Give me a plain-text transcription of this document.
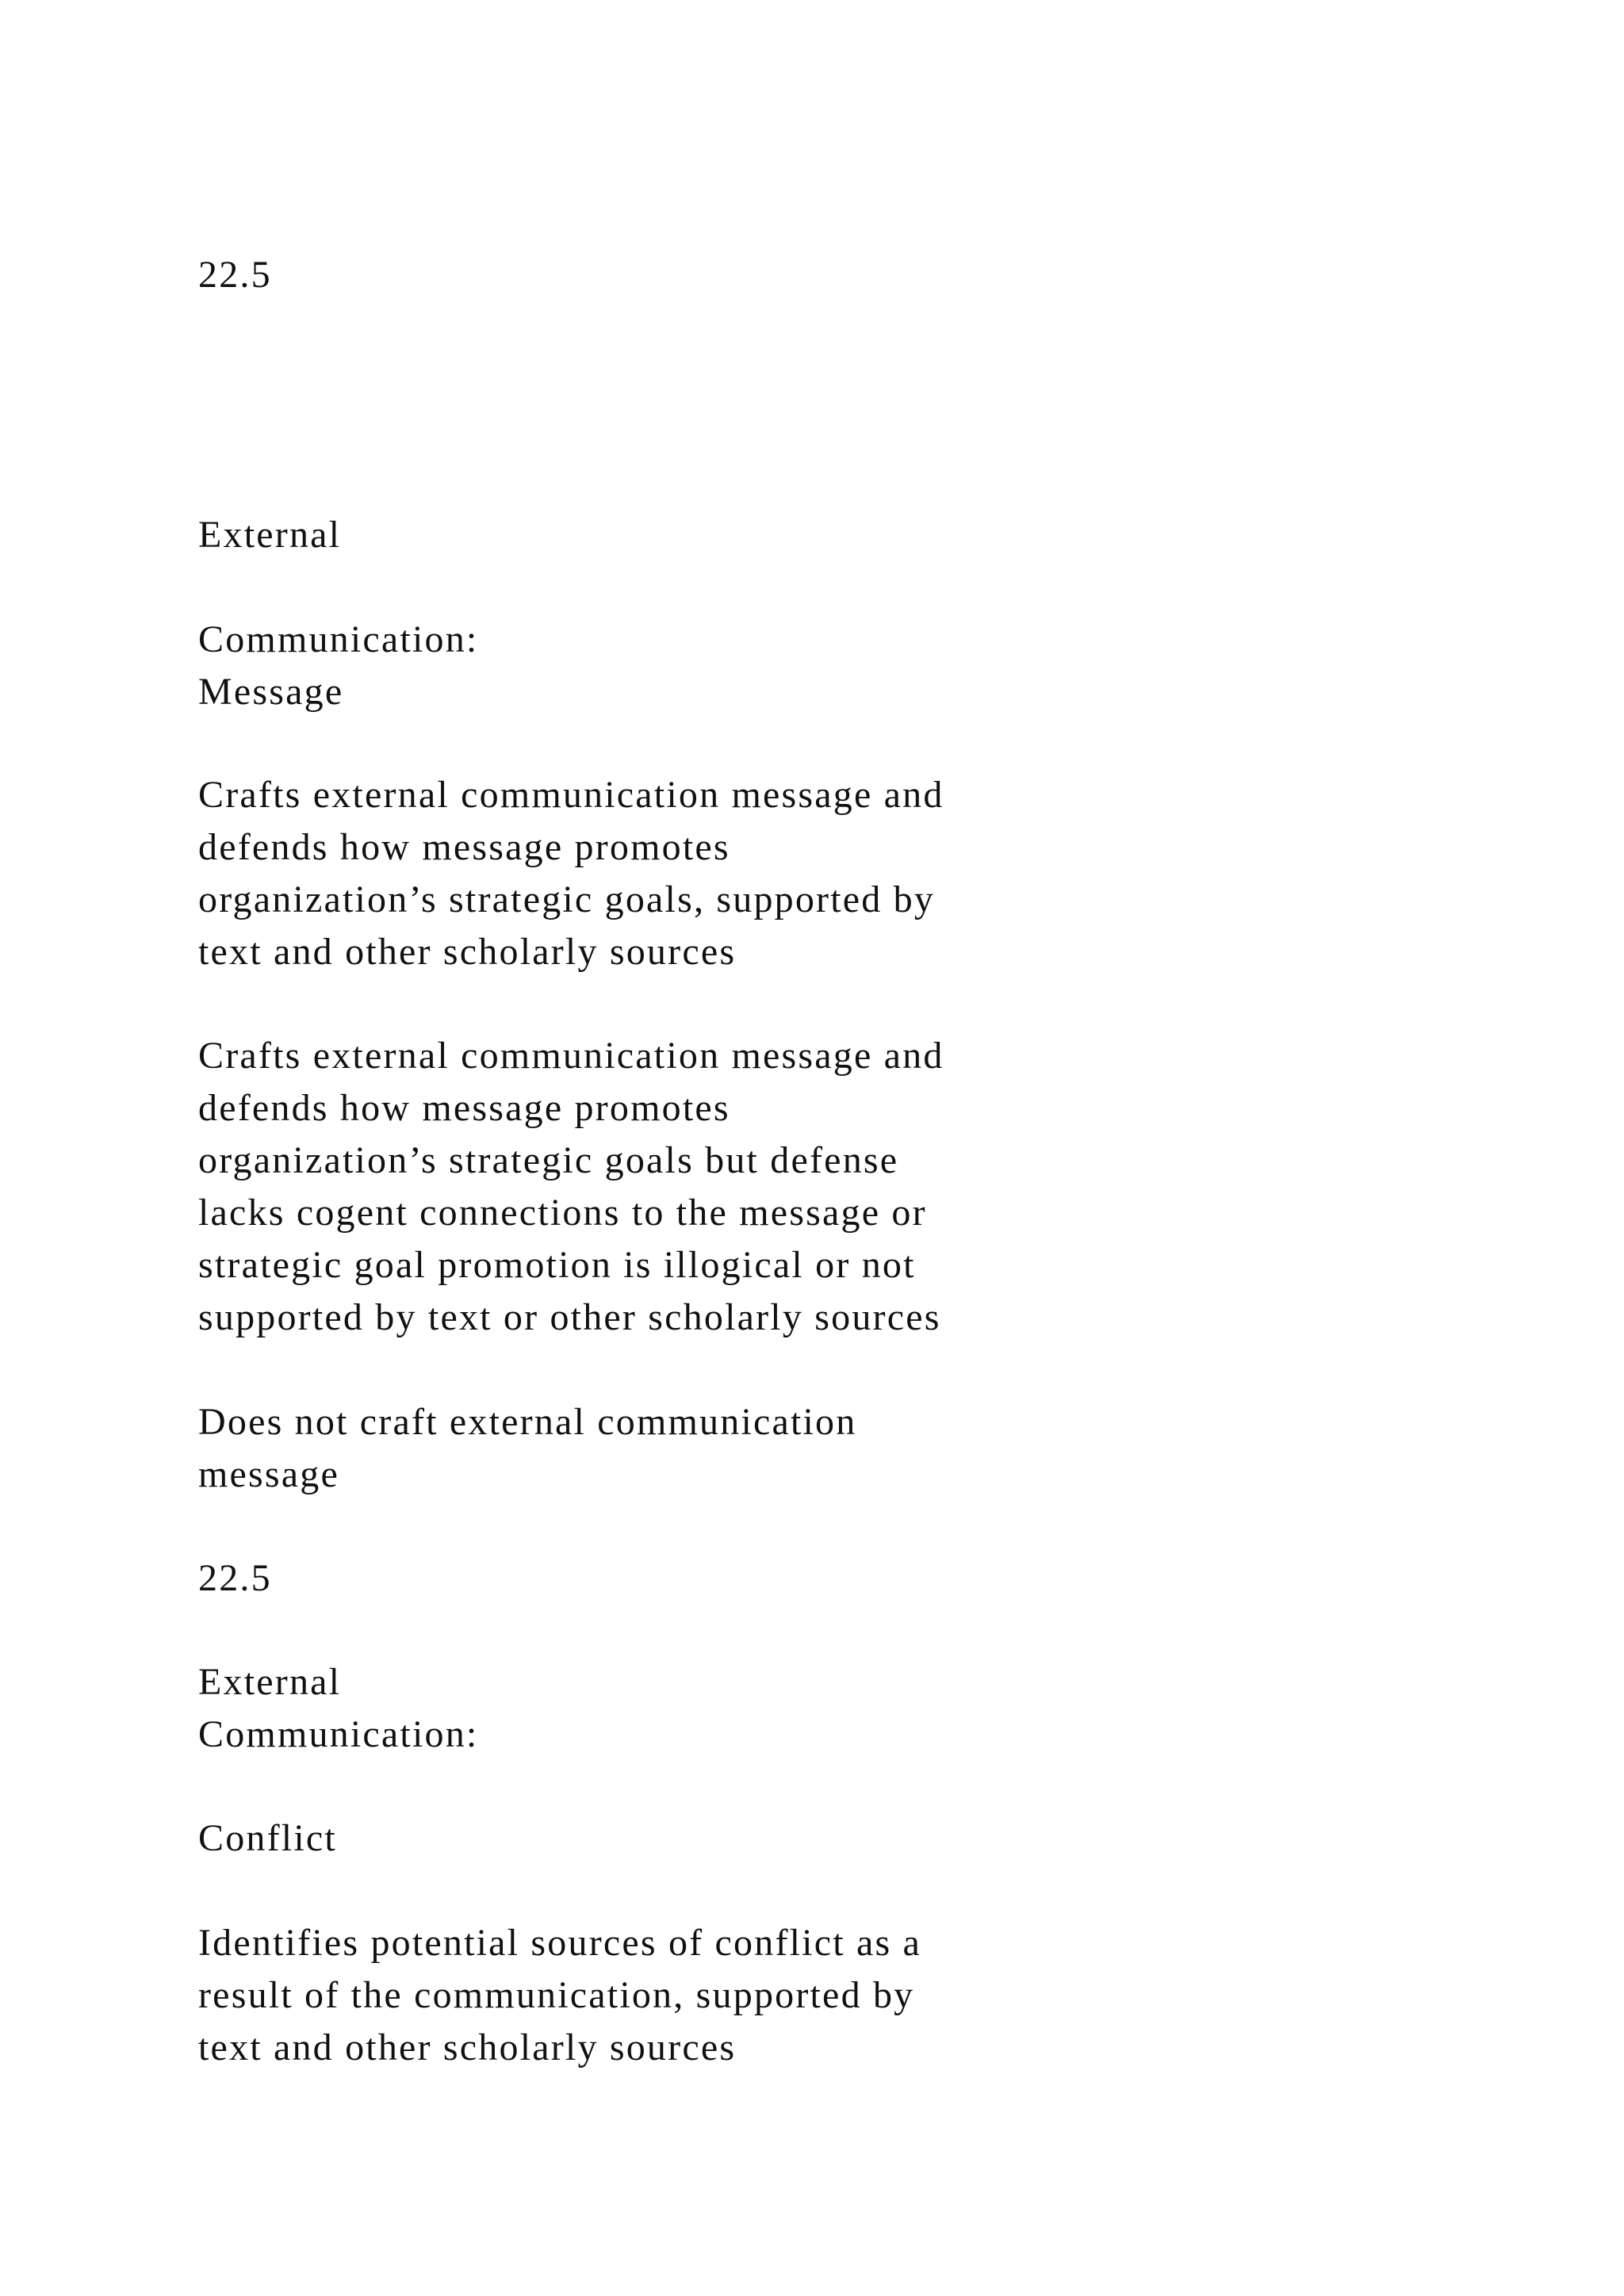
22.5
External
Communication:
Message
Crafts external communication message and
defends how message promotes
organization’s strategic goals, supported by
text and other scholarly sources
Crafts external communication message and
defends how message promotes
organization’s strategic goals but defense
lacks cogent connections to the message or
strategic goal promotion is illogical or not
supported by text or other scholarly sources
Does not craft external communication
message
22.5
External
Communication:
Conflict
Identifies potential sources of conflict as a
result of the communication, supported by
text and other scholarly sources
